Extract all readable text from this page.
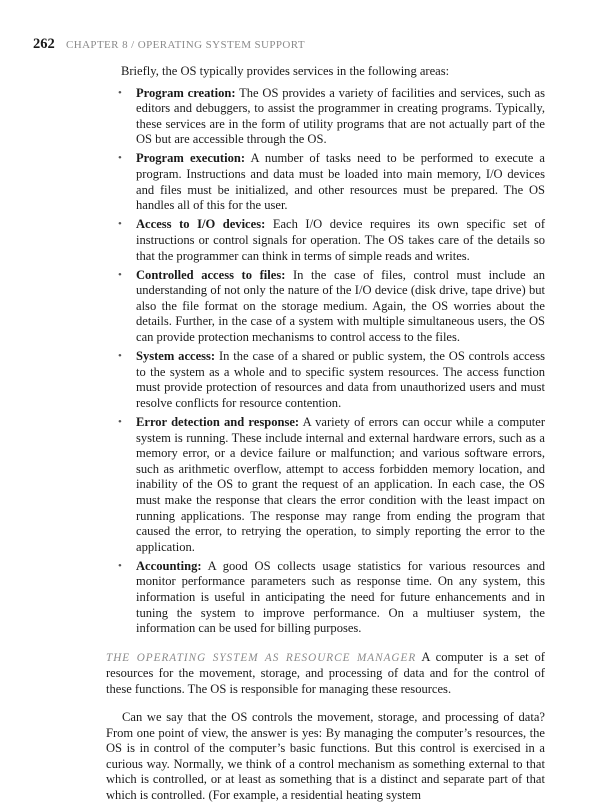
262 CHAPTER 8 / OPERATING SYSTEM SUPPORT

Briefly, the OS typically provides services in the following areas:

• Program creation: The OS provides a variety of facilities and services, such as editors and debuggers, to assist the programmer in creating programs. Typically, these services are in the form of utility programs that are not actually part of the OS but are accessible through the OS.
• Program execution: A number of tasks need to be performed to execute a program. Instructions and data must be loaded into main memory, I/O devices and files must be initialized, and other resources must be prepared. The OS handles all of this for the user.
• Access to I/O devices: Each I/O device requires its own specific set of instructions or control signals for operation. The OS takes care of the details so that the programmer can think in terms of simple reads and writes.
• Controlled access to files: In the case of files, control must include an understanding of not only the nature of the I/O device (disk drive, tape drive) but also the file format on the storage medium. Again, the OS worries about the details. Further, in the case of a system with multiple simultaneous users, the OS can provide protection mechanisms to control access to the files.
• System access: In the case of a shared or public system, the OS controls access to the system as a whole and to specific system resources. The access function must provide protection of resources and data from unauthorized users and must resolve conflicts for resource contention.
• Error detection and response: A variety of errors can occur while a computer system is running. These include internal and external hardware errors, such as a memory error, or a device failure or malfunction; and various software errors, such as arithmetic overflow, attempt to access forbidden memory location, and inability of the OS to grant the request of an application. In each case, the OS must make the response that clears the error condition with the least impact on running applications. The response may range from ending the program that caused the error, to retrying the operation, to simply reporting the error to the application.
• Accounting: A good OS collects usage statistics for various resources and monitor performance parameters such as response time. On any system, this information is useful in anticipating the need for future enhancements and in tuning the system to improve performance. On a multiuser system, the information can be used for billing purposes.

THE OPERATING SYSTEM AS RESOURCE MANAGER A computer is a set of resources for the movement, storage, and processing of data and for the control of these functions. The OS is responsible for managing these resources.

Can we say that the OS controls the movement, storage, and processing of data? From one point of view, the answer is yes: By managing the computer’s resources, the OS is in control of the computer’s basic functions. But this control is exercised in a curious way. Normally, we think of a control mechanism as something external to that which is controlled, or at least as something that is a distinct and separate part of that which is controlled. (For example, a residential heating system
